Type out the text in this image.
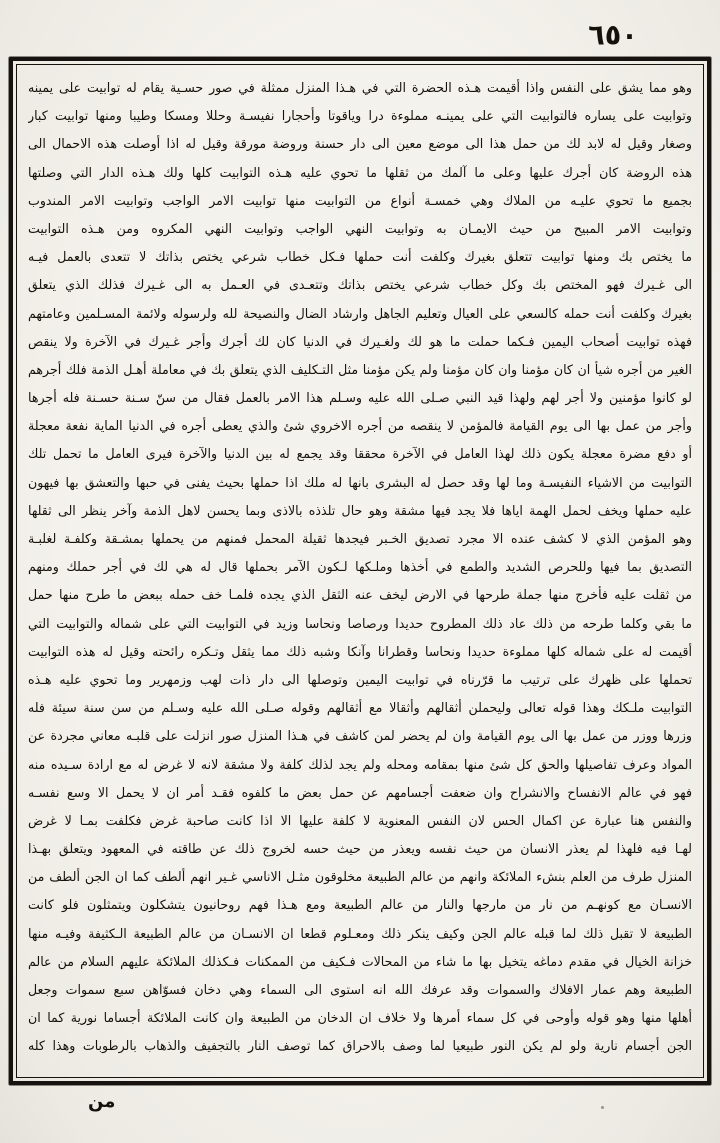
٦٥٠
وهو مما يشق على النفس واذا أقيمت هـذه الحضرة التي في هـذا المنزل ممثلة في صور حسـية يقام له توابيت على يمينه
وتوابيت على يساره فالتوابيت التي على يمينـه مملوءة درا وياقوتا وأحجارا نفيسـة وحللا ومسكا وطيبا ومنها توابيت كبار
وصغار وقيل له لابد لك من حمل هذا الى موضع معين الى دار حسنة وروضة مورقة وقيل له اذا أوصلت هذه الاحمال الى
هذه الروضة كان أجرك عليها وعلى ما آلمك من ثقلها ما تحوي عليه هـذه التوابيت كلها ولك هـذه الدار التي وصلتها
بجميع ما تحوي عليـه من الملاك وهي خمسـة أنواع من التوابيت منها توابيت الامر الواجب وتوابيت الامر المندوب
وتوابيت الامر المبيح من حيث الايمـان به وتوابيت النهي الواجب وتوابيت النهي المكروه ومن هـذه التوابيت
ما يختص بك ومنها توابيت تتعلق بغيرك وكلفت أنت حملها فـكل خطاب شرعي يختص بذاتك لا تتعدى بالعمل فيـه
الى غـيرك فهو المختص بك وكل خطاب شرعي يختص بذاتك وتتعـدى في العـمل به الى غـيرك فذلك الذي يتعلق
بغيرك وكلفت أنت حمله كالسعي على العيال وتعليم الجاهل وارشاد الضال والنصيحة لله ولرسوله ولائمة المسـلمين وعامتهم
فهذه توابيت أصحاب اليمين فـكما حملت ما هو لك ولغـيرك في الدنيا كان لك أجرك وأجر غـيرك في الآخرة ولا ينقص
الغير من أجره شيأ ان كان مؤمنا وان كان مؤمنا ولم يكن مؤمنا مثل التـكليف الذي يتعلق بك في معاملة أهـل الذمة فلك أجرهم
لو كانوا مؤمنين ولا أجر لهم ولهذا قيد النبي صـلى الله عليه وسـلم هذا الامر بالعمل فقال من سنّ سـنة حسـنة فله أجرها
وأجر من عمل بها الى يوم القيامة فالمؤمن لا ينقصه من أجره الاخروي شئ والذي يعطى أجره في الدنيا الماية نفعة معجلة
أو دفع مضرة معجلة يكون ذلك لهذا العامل في الآخرة محققا وقد يجمع له بين الدنيا والآخرة فيرى العامل ما تحمل تلك
التوابيت من الاشياء النفيسـة وما لها وقد حصل له البشرى بانها له ملك اذا حملها بحيث يفنى في حبها والتعشق بها فيهون
عليه حملها ويخف لحمل الهمة اياها فلا يجد فيها مشقة وهو حال تلذذه بالاذى وبما يحسن لاهل الذمة وآخر ينظر الى ثقلها
وهو المؤمن الذي لا كشف عنده الا مجرد تصديق الخـبر فيجدها ثقيلة المحمل فمنهم من يحملها بمشـقة وكلفـة لغلبـة
التصديق بما فيها وللحرص الشديد والطمع في أخذها وملـكها لـكون الآمر بحملها قال له هي لك في أجر حملك ومنهم
من ثقلت عليه فأخرج منها جملة طرحها في الارض ليخف عنه الثقل الذي يجده فلمـا خف حمله ببعض ما طرح منها حمل
ما بقي وكلما طرحه من ذلك عاد ذلك المطروح حديدا ورصاصا ونحاسا وزيد في التوابيت التي على شماله والتوابيت التي
أقيمت له على شماله كلها مملوءة حديدا ونحاسا وقطرانا وآنكا وشبه ذلك مما يثقل وتـكره رائحته وقيل له هذه التوابيت
تحملها على ظهرك على ترتيب ما قرّرناه في توابيت اليمين وتوصلها الى دار ذات لهب وزمهرير وما تحوي عليه هـذه
التوابيت ملـكك وهذا قوله تعالى وليحملن أثقالهم وأثقالا مع أثقالهم وقوله صـلى الله عليه وسـلم من سن سنة سيئة فله
وزرها ووزر من عمل بها الى يوم القيامة وان لم يحضر لمن كاشف في هـذا المنزل صور انزلت على قلبـه معاني مجردة عن
المواد وعرف تفاصيلها والحق كل شئ منها بمقامه ومحله ولم يجد لذلك كلفة ولا مشقة لانه لا غرض له مع ارادة سـيده منه
فهو في عالم الانفساح والانشراح وان ضعفت أجسامهم عن حمل بعض ما كلفوه فقـد أمر ان لا يحمل الا وسع نفسـه
والنفس هنا عبارة عن اكمال الحس لان النفس المعنوية لا كلفة عليها الا اذا كانت صاحبة غرض فكلفت بمـا لا غرض
لهـا فيه فلهذا لم يعذر الانسان من حيث نفسه ويعذر من حيث حسه لخروج ذلك عن طاقته في المعهود ويتعلق بهـذا
المنزل طرف من العلم بنشء الملائكة وانهم من عالم الطبيعة مخلوقون مثـل الاناسي غـير انهم ألطف كما ان الجن ألطف من
الانسـان مع كونهـم من نار من مارجها والنار من عالم الطبيعة ومع هـذا فهم روحانيون يتشكلون ويتمثلون فلو كانت
الطبيعة لا تقبل ذلك لما قبله عالم الجن وكيف ينكر ذلك ومعـلوم قطعا ان الانسـان من عالم الطبيعة الـكثيفة وفيـه منها
خزانة الخيال في مقدم دماغه يتخيل بها ما شاء من المحالات فـكيف من الممكنات فـكذلك الملائكة عليهم السلام من عالم
الطبيعة وهم عمار الافلاك والسموات وقد عرفك الله انه استوى الى السماء وهي دخان فسوّاهن سبع سموات وجعل
أهلها منها وهو قوله وأوحى في كل سماء أمرها ولا خلاف ان الدخان من الطبيعة وان كانت الملائكة أجساما نورية كما ان
الجن أجسام نارية ولو لم يكن النور طبيعيا لما وصف بالاحراق كما توصف النار بالتجفيف والذهاب بالرطوبات وهذا كله
من
